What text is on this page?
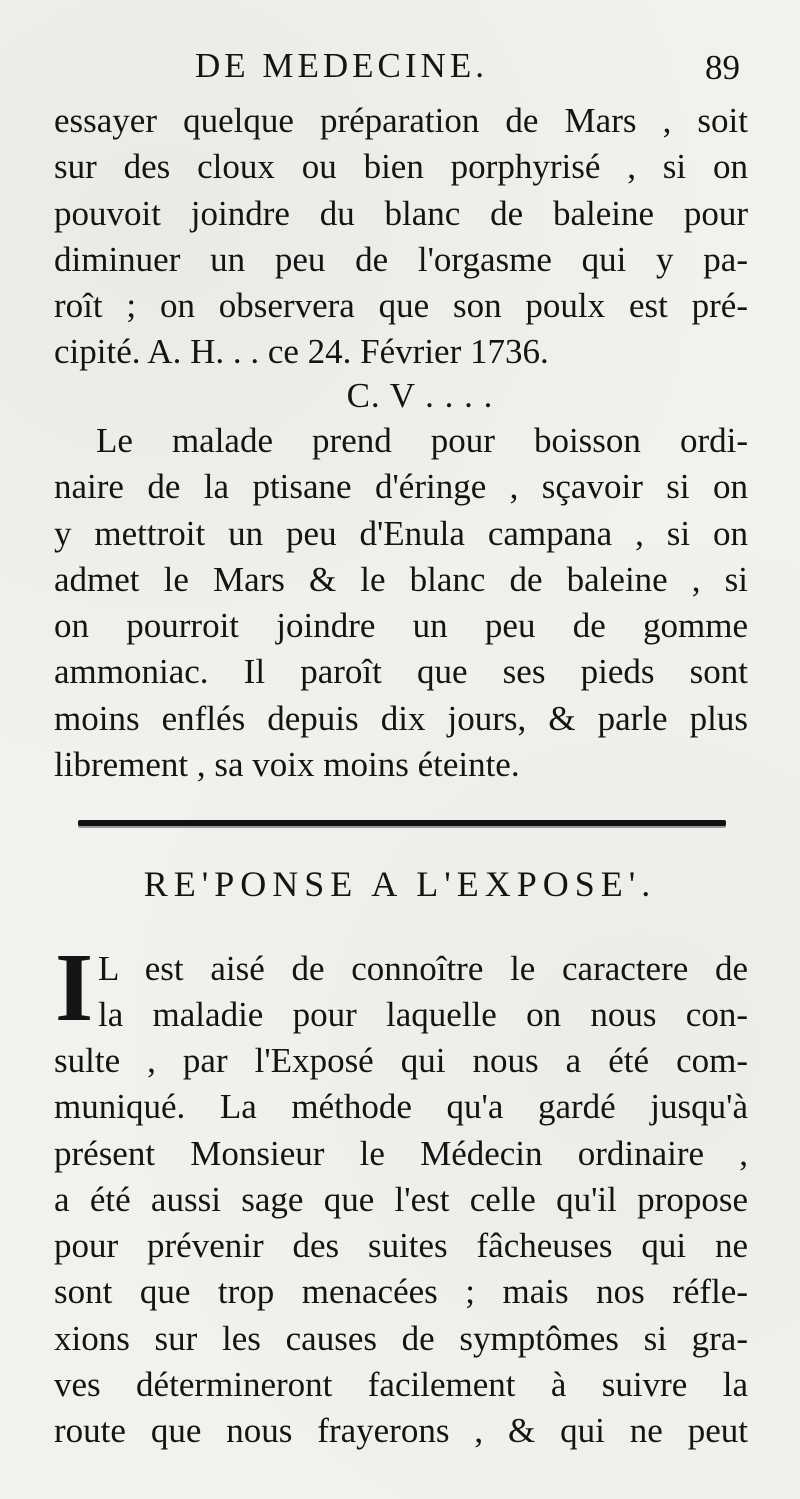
DE MEDECINE.	89
essayer quelque préparation de Mars , soit
sur des cloux ou bien porphyrisé , si on
pouvoit joindre du blanc de baleine pour
diminuer un peu de l'orgasme qui y pa-
roît ; on observera que son poulx est pré-
cipité. A. H. . . ce 24. Février 1736.
C. V . . . .
Le malade prend pour boisson ordi-
naire de la ptisane d'éringe , sçavoir si on
y mettroit un peu d'Enula campana , si on
admet le Mars & le blanc de baleine , si
on pourroit joindre un peu de gomme
ammoniac. Il paroît que ses pieds sont
moins enflés depuis dix jours, & parle plus
librement , sa voix moins éteinte.
RE'PONSE A L'EXPOSE'.
I L est aisé de connoître le caractere de
la maladie pour laquelle on nous con-
sulte , par l'Exposé qui nous a été com-
muniqué. La méthode qu'a gardé jusqu'à
présent Monsieur le Médecin ordinaire ,
a été aussi sage que l'est celle qu'il propose
pour prévenir des suites fâcheuses qui ne
sont que trop menacées ; mais nos réfle-
xions sur les causes de symptômes si gra-
ves détermineront facilement à suivre la
route que nous frayerons , & qui ne peut
